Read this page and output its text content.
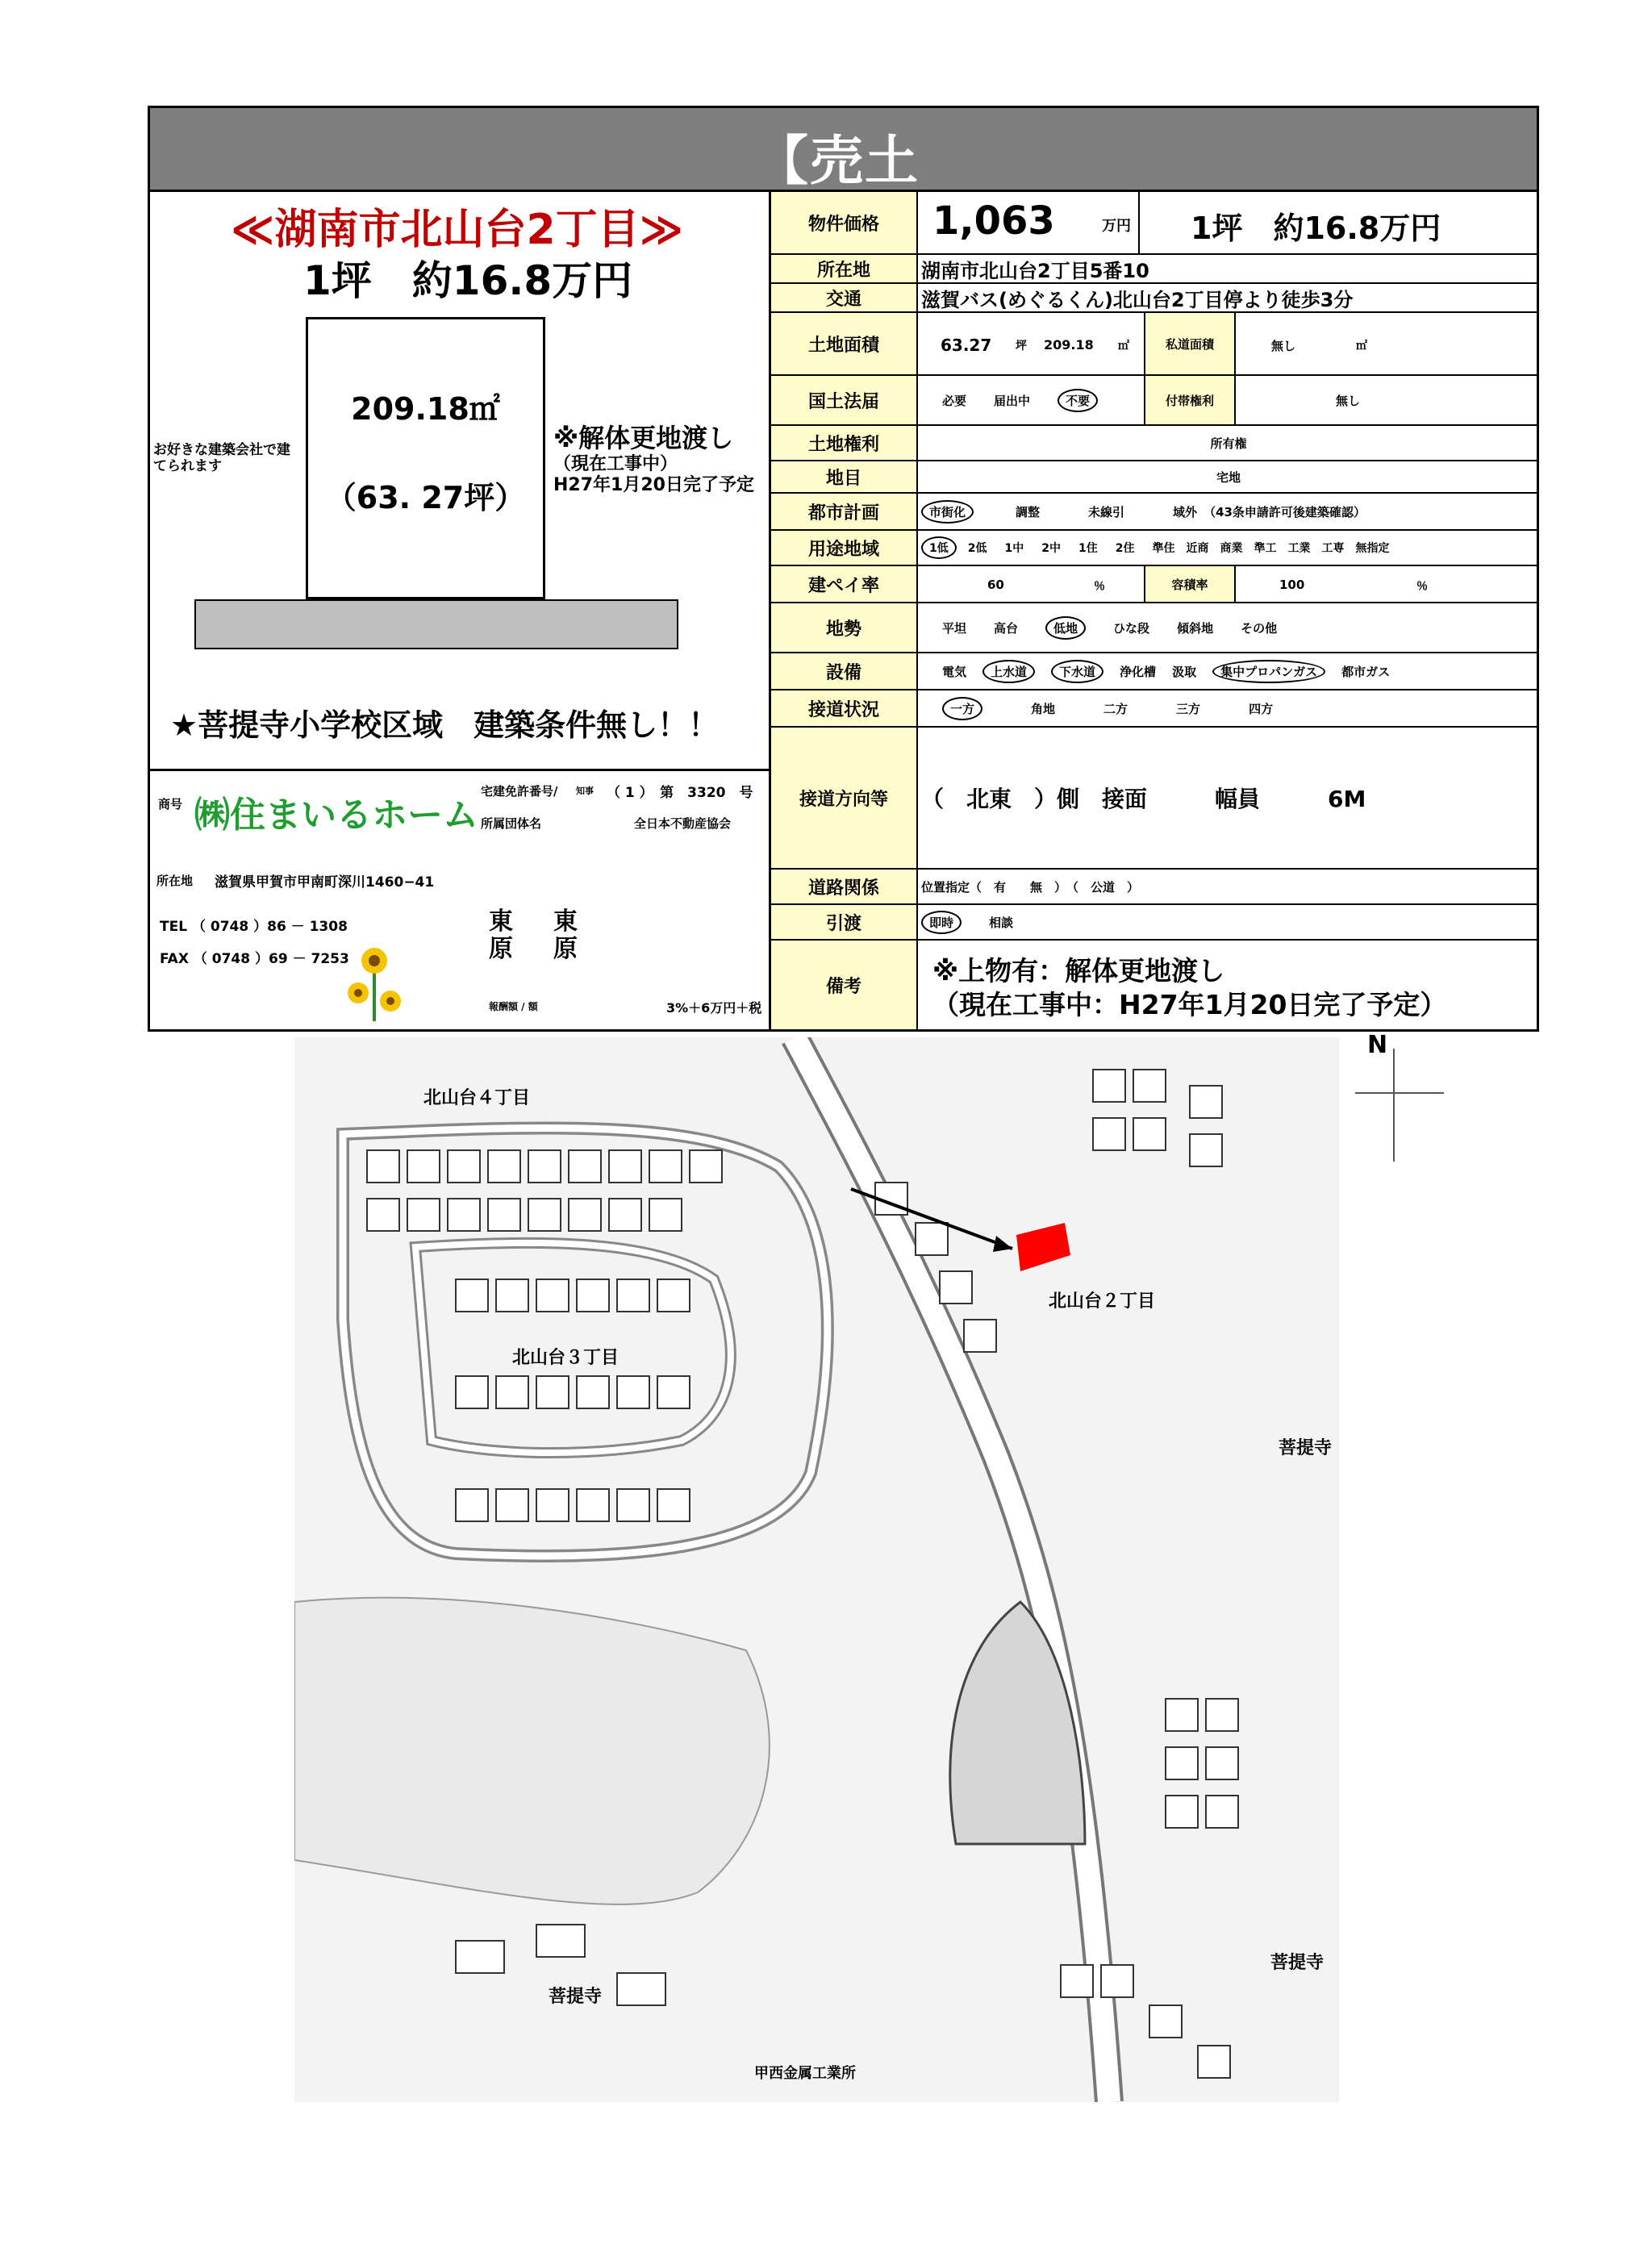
【売土
≪湖南市北山台2丁目≫
1坪　約16.8万円
お好きな建築会社で建てられます
209.18㎡
（63. 27坪）
※解体更地渡し
（現在工事中）
H27年1月20日完了予定
★菩提寺小学校区域　建築条件無し！！
商号 ㈱住まいるホーム
宅建免許番号/ 知事 （ 1 ）　第　3320　号
所属団体名	全日本不動産協会
所在地 滋賀県甲賀市甲南町深川1460−41
TEL （ 0748 ）86 － 1308
FAX （ 0748 ）69 － 7253
東原
東原
報酬額 / 額	3%＋6万円＋税
物件価格	1,063	万円 1坪　約16.8万円
所在地	湖南市北山台2丁目5番10
交通	滋賀バス(めぐるくん)北山台2丁目停より徒歩3分
土地面積	63.27 坪 209.18 ㎡	私道面積	無し	㎡
国土法届	必要 届出中	不要	付帯権利	無し
土地権利	所有権
地目	宅地
都市計画	市街化	調整	未線引	域外 （43条申請許可後建築確認）
用途地域	1低	2低 1中 2中 1住 2住 準住 近商 商業 準工 工業 工専 無指定
建ペイ率	60	％	容積率	100	％
地勢	平坦 高台	低地	ひな段 傾斜地 その他
設備	電気	上水道	下水道	浄化槽 汲取	集中プロパンガス	都市ガス
接道状況	一方	角地	二方	三方	四方
接道方向等	（　北東　）側　接面　　　幅員　　　6M
道路関係	位置指定（　有　　無　）　（　公道　）
引渡	即時	相談
備考	※上物有：解体更地渡し
（現在工事中：H27年1月20日完了予定）
N
北山台４丁目
北山台３丁目
北山台２丁目
菩提寺
菩提寺
菩提寺
甲西金属工業所
